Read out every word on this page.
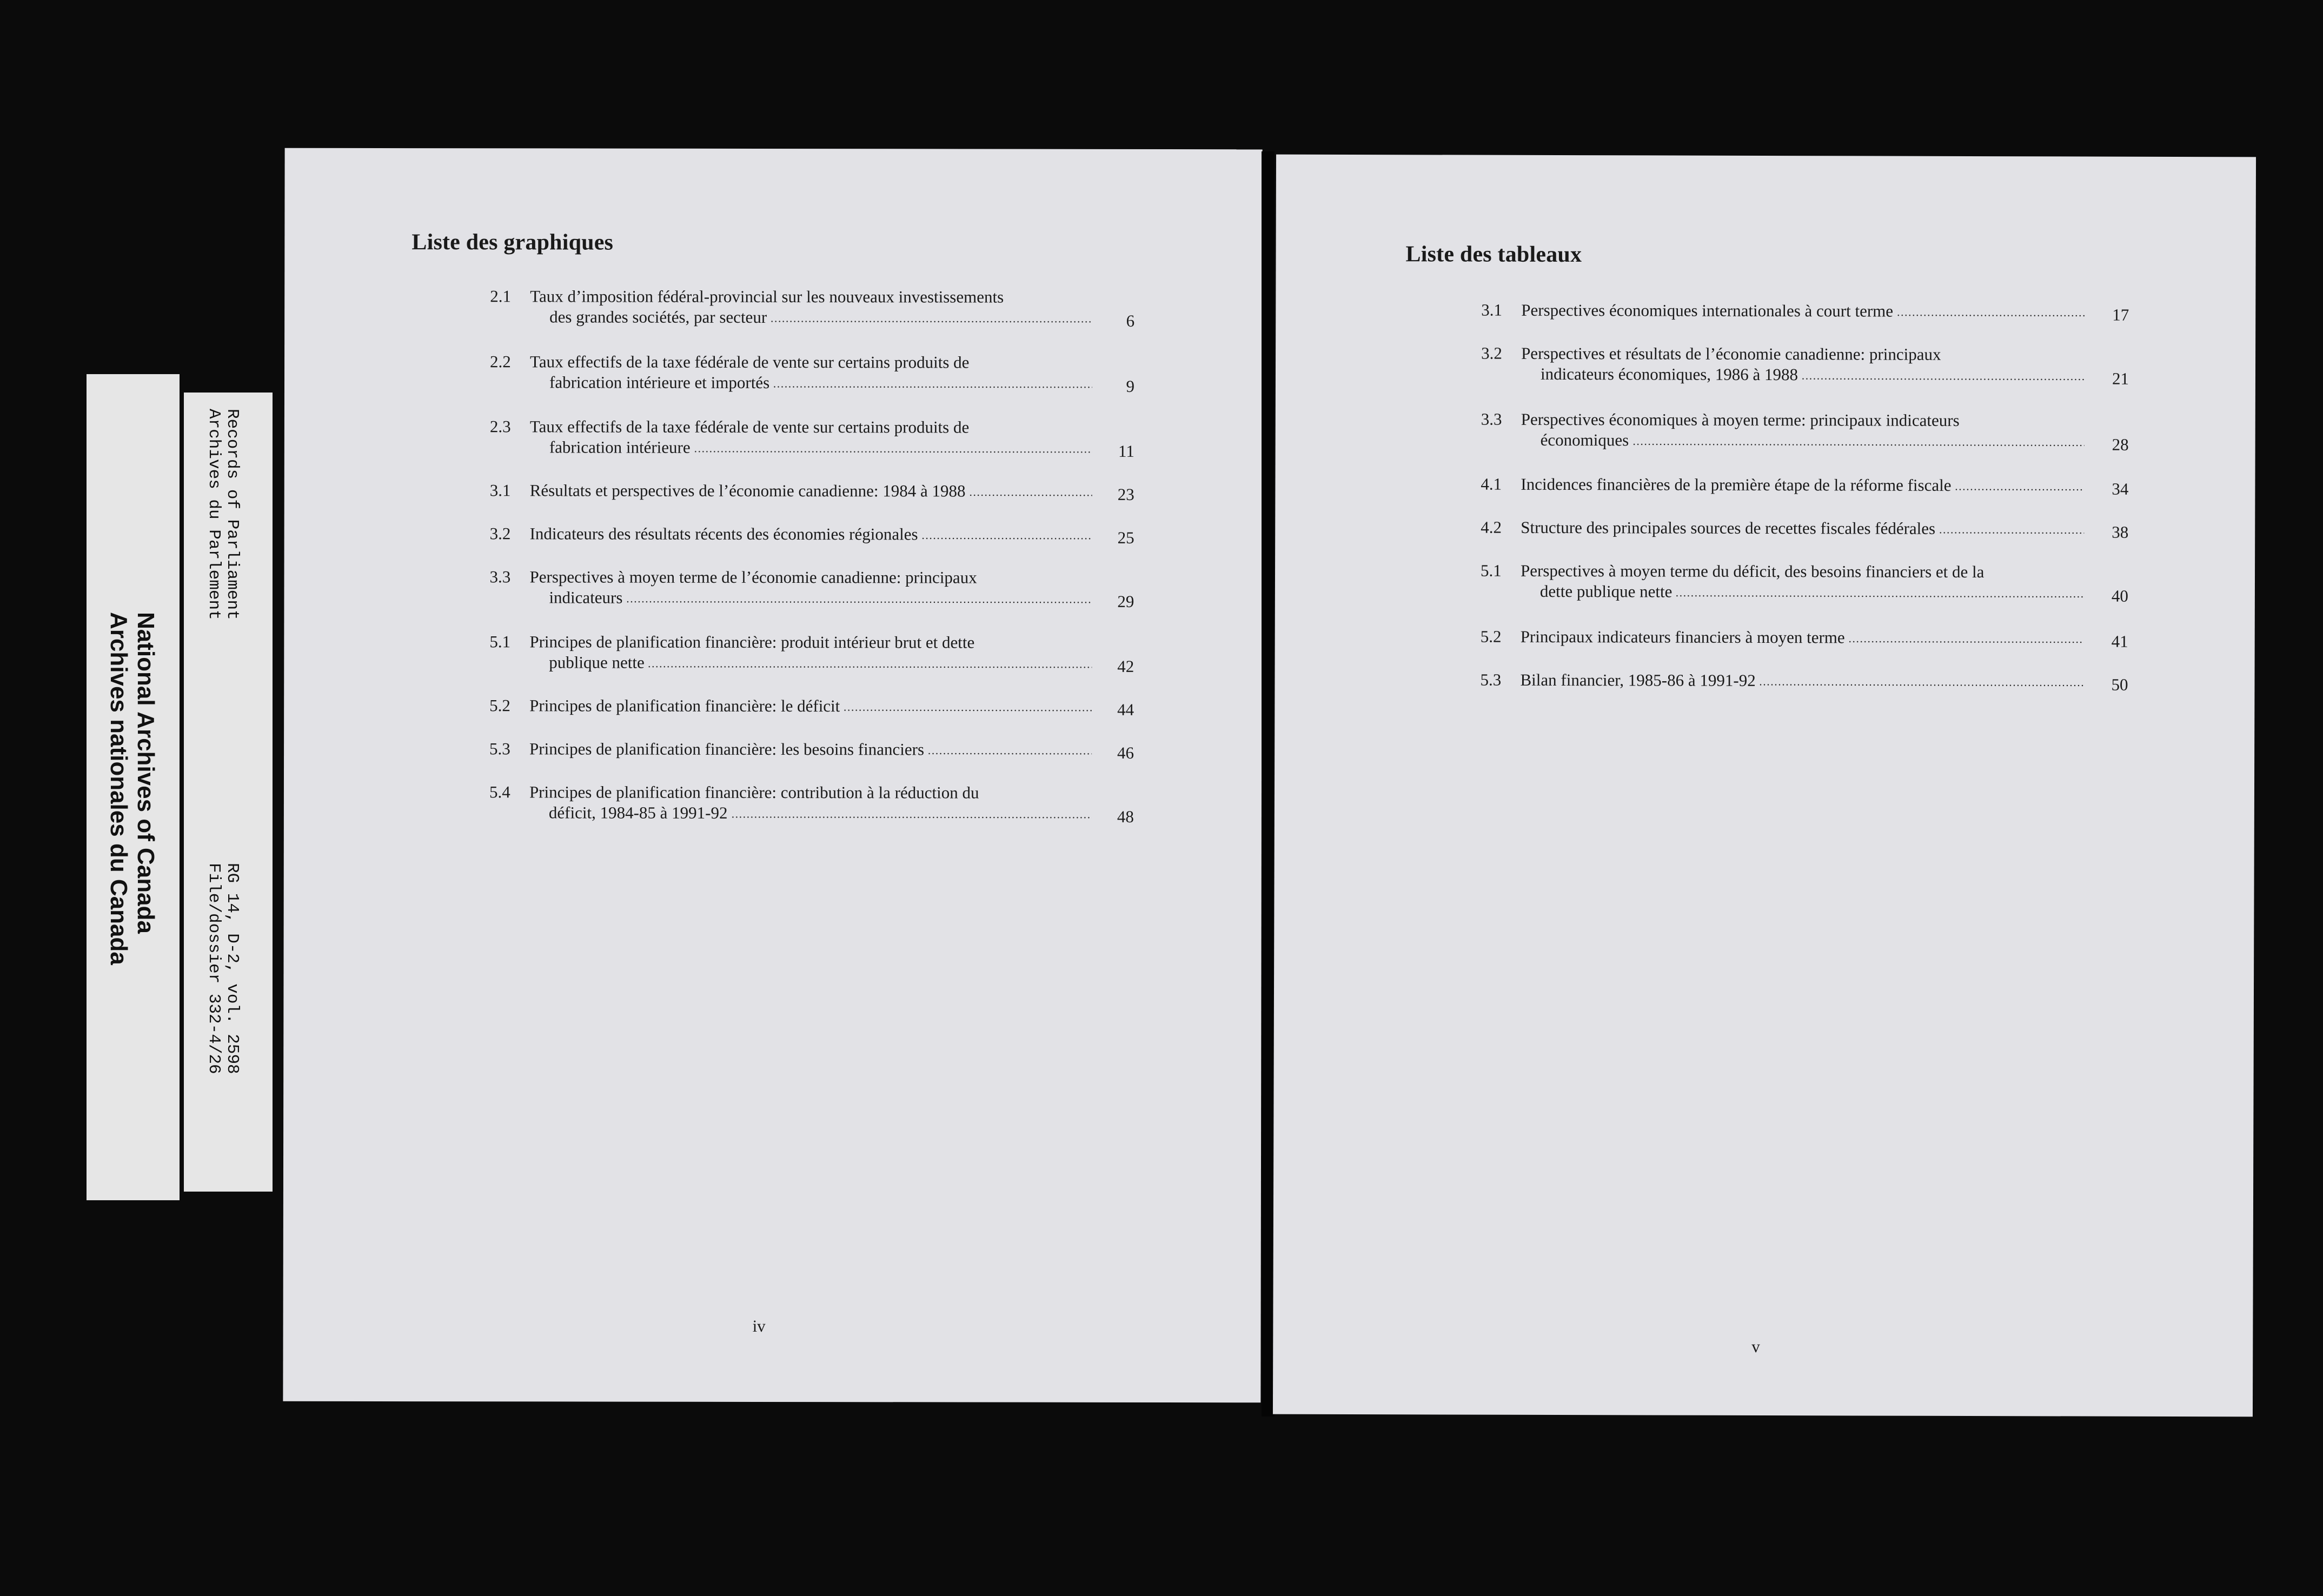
National Archives of Canada
Archives nationales du Canada
Records of Parliament
Archives du Parlement
RG 14, D-2, vol. 2598
File/dossier 332-4/26
Liste des graphiques
2.1 Taux d’imposition fédéral-provincial sur les nouveaux investissements
des grandes sociétés, par secteur	6
2.2 Taux effectifs de la taxe fédérale de vente sur certains produits de
fabrication intérieure et importés	9
2.3 Taux effectifs de la taxe fédérale de vente sur certains produits de
fabrication intérieure	11
3.1 Résultats et perspectives de l’économie canadienne: 1984 à 1988	23
3.2 Indicateurs des résultats récents des économies régionales	25
3.3 Perspectives à moyen terme de l’économie canadienne: principaux
indicateurs	29
5.1 Principes de planification financière: produit intérieur brut et dette
publique nette	42
5.2 Principes de planification financière: le déficit	44
5.3 Principes de planification financière: les besoins financiers	46
5.4 Principes de planification financière: contribution à la réduction du
déficit, 1984-85 à 1991-92	48
iv
Liste des tableaux
3.1 Perspectives économiques internationales à court terme	17
3.2 Perspectives et résultats de l’économie canadienne: principaux
indicateurs économiques, 1986 à 1988	21
3.3 Perspectives économiques à moyen terme: principaux indicateurs
économiques	28
4.1 Incidences financières de la première étape de la réforme fiscale	34
4.2 Structure des principales sources de recettes fiscales fédérales	38
5.1 Perspectives à moyen terme du déficit, des besoins financiers et de la
dette publique nette	40
5.2 Principaux indicateurs financiers à moyen terme	41
5.3 Bilan financier, 1985-86 à 1991-92	50
v
